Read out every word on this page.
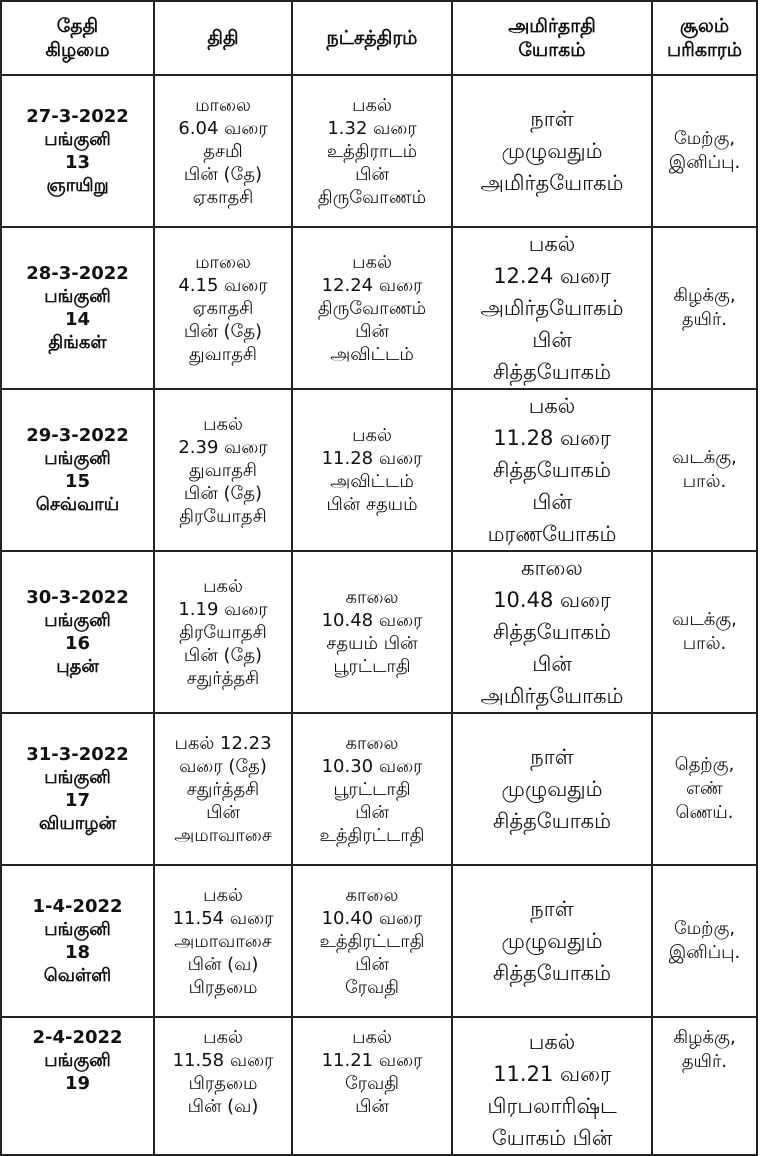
தேதி
கிழமை	திதி	நட்சத்திரம்	அமிர்தாதி
யோகம்	சூலம்
பரிகாரம்

27-3-2022
பங்குனி
13
ஞாயிறு	மாலை
6.04 வரை
தசமி
பின் (தே)
ஏகாதசி	பகல்
1.32 வரை
உத்திராடம்
பின்
திருவோணம்	நாள்
முழுவதும்
அமிர்தயோகம்	மேற்கு,
இனிப்பு.

28-3-2022
பங்குனி
14
திங்கள்	மாலை
4.15 வரை
ஏகாதசி
பின் (தே)
துவாதசி	பகல்
12.24 வரை
திருவோணம்
பின்
அவிட்டம்	பகல்
12.24 வரை
அமிர்தயோகம்
பின்
சித்தயோகம்	கிழக்கு,
தயிர்.

29-3-2022
பங்குனி
15
செவ்வாய்	பகல்
2.39 வரை
துவாதசி
பின் (தே)
திரயோதசி	பகல்
11.28 வரை
அவிட்டம்
பின் சதயம்	பகல்
11.28 வரை
சித்தயோகம்
பின்
மரணயோகம்	வடக்கு,
பால்.

30-3-2022
பங்குனி
16
புதன்	பகல்
1.19 வரை
திரயோதசி
பின் (தே)
சதுர்த்தசி	காலை
10.48 வரை
சதயம் பின்
பூரட்டாதி	காலை
10.48 வரை
சித்தயோகம்
பின்
அமிர்தயோகம்	வடக்கு,
பால்.

31-3-2022
பங்குனி
17
வியாழன்	பகல் 12.23
வரை (தே)
சதுர்த்தசி
பின்
அமாவாசை	காலை
10.30 வரை
பூரட்டாதி
பின்
உத்திரட்டாதி	நாள்
முழுவதும்
சித்தயோகம்	தெற்கு,
எண்
ணெய்.

1-4-2022
பங்குனி
18
வெள்ளி	பகல்
11.54 வரை
அமாவாசை
பின் (வ)
பிரதமை	காலை
10.40 வரை
உத்திரட்டாதி
பின்
ரேவதி	நாள்
முழுவதும்
சித்தயோகம்	மேற்கு,
இனிப்பு.

2-4-2022
பங்குனி
19	பகல்
11.58 வரை
பிரதமை
பின் (வ)	பகல்
11.21 வரை
ரேவதி
பின்	பகல்
11.21 வரை
பிரபலாரிஷ்ட
யோகம் பின்	கிழக்கு,
தயிர்.
